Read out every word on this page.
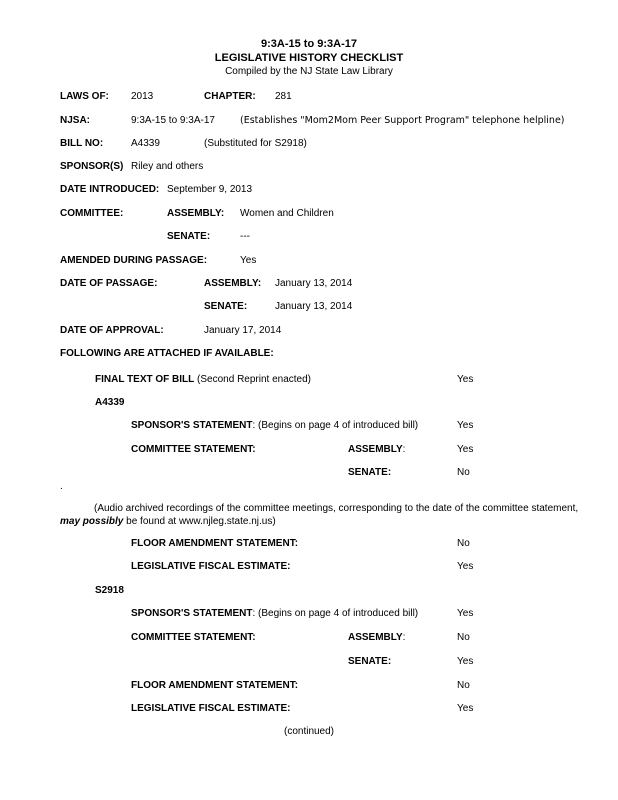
9:3A-15 to 9:3A-17
LEGISLATIVE HISTORY CHECKLIST
Compiled by the NJ State Law Library
LAWS OF: 2013	CHAPTER: 281
NJSA:	9:3A-15 to 9:3A-17	(Establishes "Mom2Mom Peer Support Program" telephone helpline)
BILL NO:	A4339	(Substituted for S2918)
SPONSOR(S) Riley and others
DATE INTRODUCED: September 9, 2013
COMMITTEE:	ASSEMBLY: Women and Children
SENATE:	---
AMENDED DURING PASSAGE:	Yes
DATE OF PASSAGE:	ASSEMBLY: January 13, 2014
SENATE:	January 13, 2014
DATE OF APPROVAL:	January 17, 2014
FOLLOWING ARE ATTACHED IF AVAILABLE:
FINAL TEXT OF BILL (Second Reprint enacted)	Yes
A4339
SPONSOR'S STATEMENT: (Begins on page 4 of introduced bill)	Yes
COMMITTEE STATEMENT:	ASSEMBLY:	Yes
SENATE:	No
.
(Audio archived recordings of the committee meetings, corresponding to the date of the committee statement, may possibly be found at www.njleg.state.nj.us)
FLOOR AMENDMENT STATEMENT:	No
LEGISLATIVE FISCAL ESTIMATE:	Yes
S2918
SPONSOR'S STATEMENT: (Begins on page 4 of introduced bill)	Yes
COMMITTEE STATEMENT:	ASSEMBLY:	No
SENATE:	Yes
FLOOR AMENDMENT STATEMENT:	No
LEGISLATIVE FISCAL ESTIMATE:	Yes
(continued)
